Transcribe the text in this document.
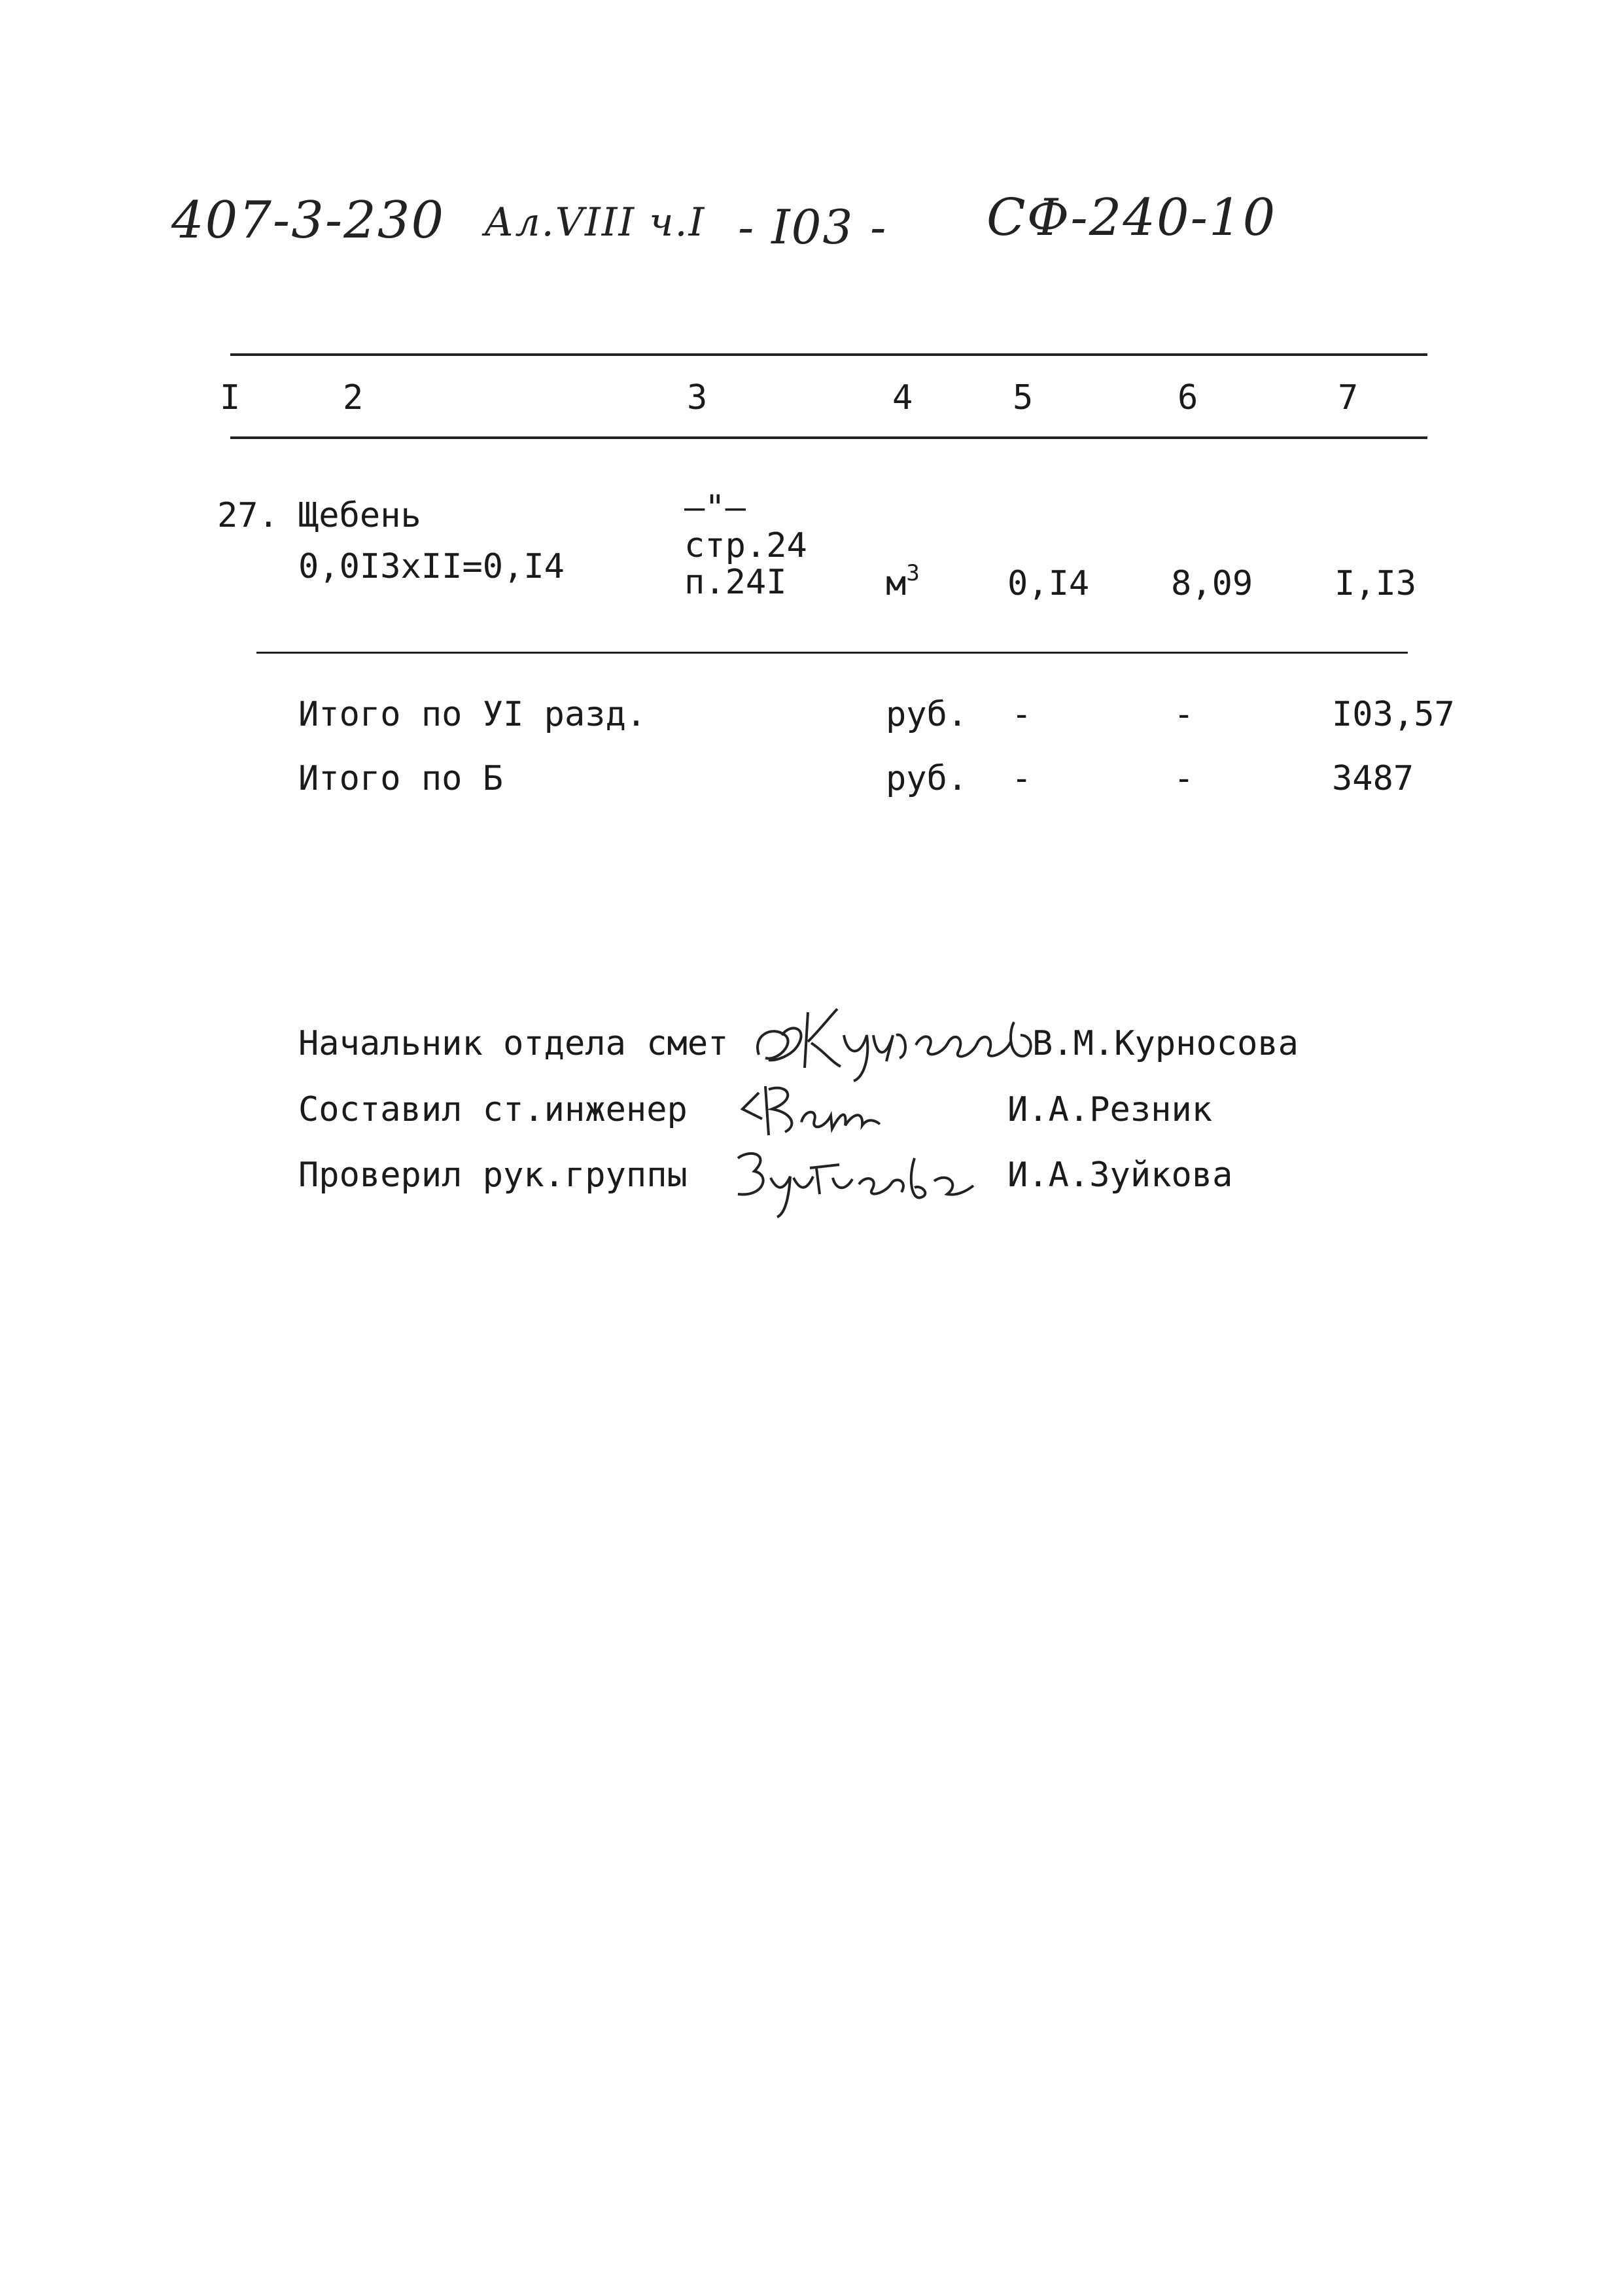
407-3-230 Ал.VIII ч.I - I03 - СФ-240-10
I	2	3	4	5	6	7
27. Щебень
0,0I3xII=0,I4
–"–
стр.24
п.24I	$м^3$	0,I4 8,09 I,I3
Итого по УI разд.	руб. -	-	I03,57
Итого по Б	руб. -	-	3487
Начальник отдела смет	В.М.Курносова
Составил ст.инженер	И.А.Резник
Проверил рук.группы	И.А.Зуйкова
